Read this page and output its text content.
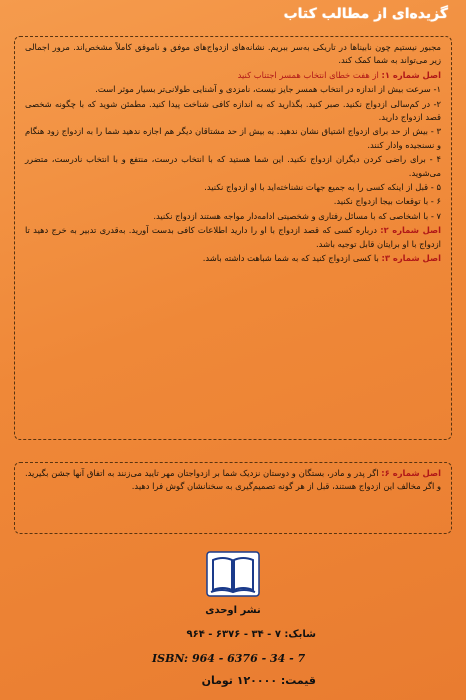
گزیده‌ای از مطالب کتاب

مجبور نیستیم چون نابینا‌ها در تاریکی به‌سر ببریم. نشانه‌های ازدواج‌های موفق و ناموفق کاملاً مشخص‌اند. مرور اجمالی زیر می‌تواند به شما کمک کند.

اصل شماره ۱: از هفت خطای انتخاب همسر اجتناب کنید

۱- سرعت بیش از اندازه در انتخاب همسر جایز نیست، نامزدی و آشنایی طولانی‌تر بسیار موثر است.

۲- در کم‌سالی ازدواج نکنید. صبر کنید. بگذارید که به اندازه کافی شناخت پیدا کنید. مطمئن شوید که با چگونه شخصی قصد ازدواج دارید.

۳ - بیش از حد برای ازدواج اشتیاق نشان ندهید. به بیش از حد مشتاقان دیگر هم اجازه ندهید شما را به ازدواج زود هنگام و نسنجیده وادار کنند.

۴ - برای راضی کردن دیگران ازدواج نکنید. این شما هستید که با انتخاب درست، منتفع و با انتخاب نادرست، متضرر می‌شوید.

۵ - قبل از اینکه کسی را به جمیع جهات نشناخته‌اید با او ازدواج نکنید.

۶ - با توقعات بیجا ازدواج نکنید.

۷ - با اشخاصی که با مسائل رفتاری و شخصیتی ادامه‌دار مواجه هستند ازدواج نکنید.

اصل شماره ۲: درباره کسی که قصد ازدواج با او را دارید اطلاعات کافی بدست آورید. به‌قدری تدبیر به خرج دهید تا ازدواج با او برایتان قابل توجیه باشد.

اصل شماره ۳: با کسی ازدواج کنید که به شما شباهت داشته باشد.

اصل شماره ۶: اگر پدر و مادر، بستگان و دوستان نزدیک شما بر ازدواجتان مهر تایید می‌زنند به اتفاق آنها جشن بگیرید. و اگر مخالف این ازدواج هستند، قبل از هر گونه تصمیم‌گیری به سخنانشان گوش فرا دهید.

نشر اوحدی
شابک: ۷ - ۳۴ - ۶۳۷۶ - ۹۶۴
ISBN: 964 - 6376 - 34 - 7
قیمت: ۱۲۰۰۰۰ تومان
